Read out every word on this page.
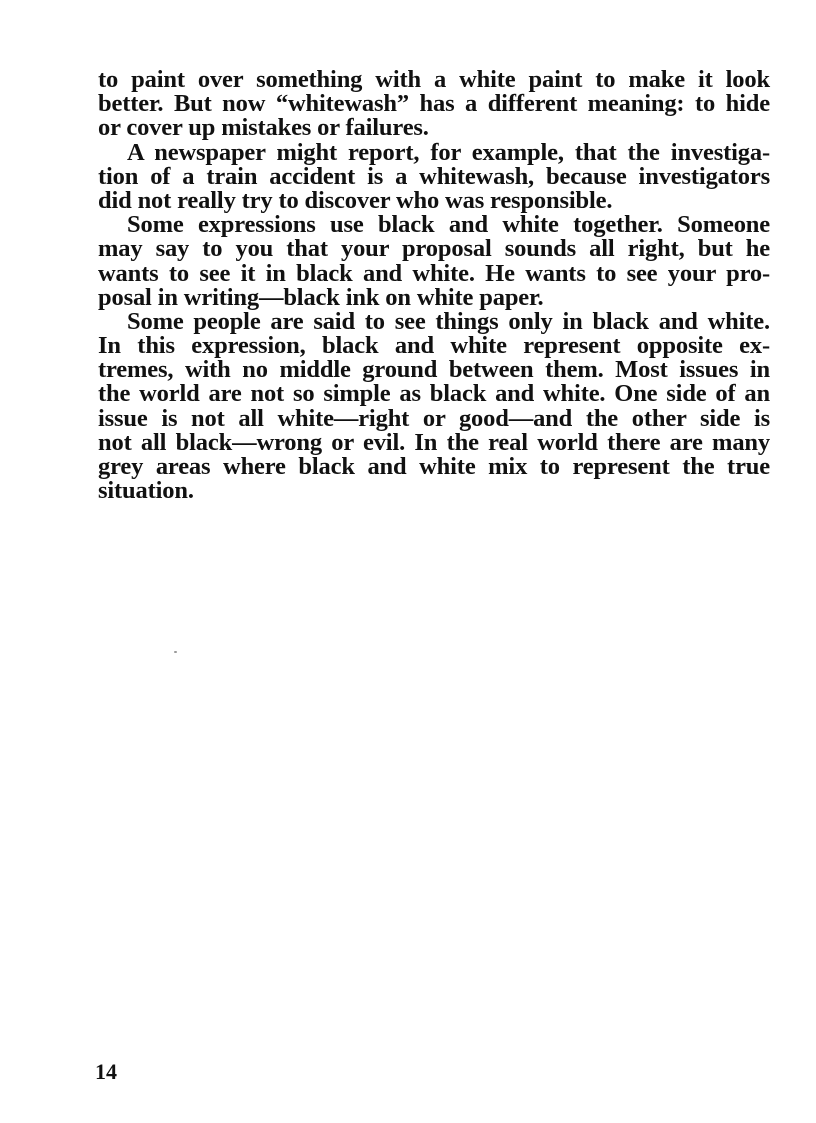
to paint over something with a white paint to make it look
better. But now “whitewash” has a different meaning: to hide
or cover up mistakes or failures.
A newspaper might report, for example, that the investiga-
tion of a train accident is a whitewash, because investigators
did not really try to discover who was responsible.
Some expressions use black and white together. Someone
may say to you that your proposal sounds all right, but he
wants to see it in black and white. He wants to see your pro-
posal in writing—black ink on white paper.
Some people are said to see things only in black and white.
In this expression, black and white represent opposite ex-
tremes, with no middle ground between them. Most issues in
the world are not so simple as black and white. One side of an
issue is not all white—right or good—and the other side is
not all black—wrong or evil. In the real world there are many
grey areas where black and white mix to represent the true
situation.
14
